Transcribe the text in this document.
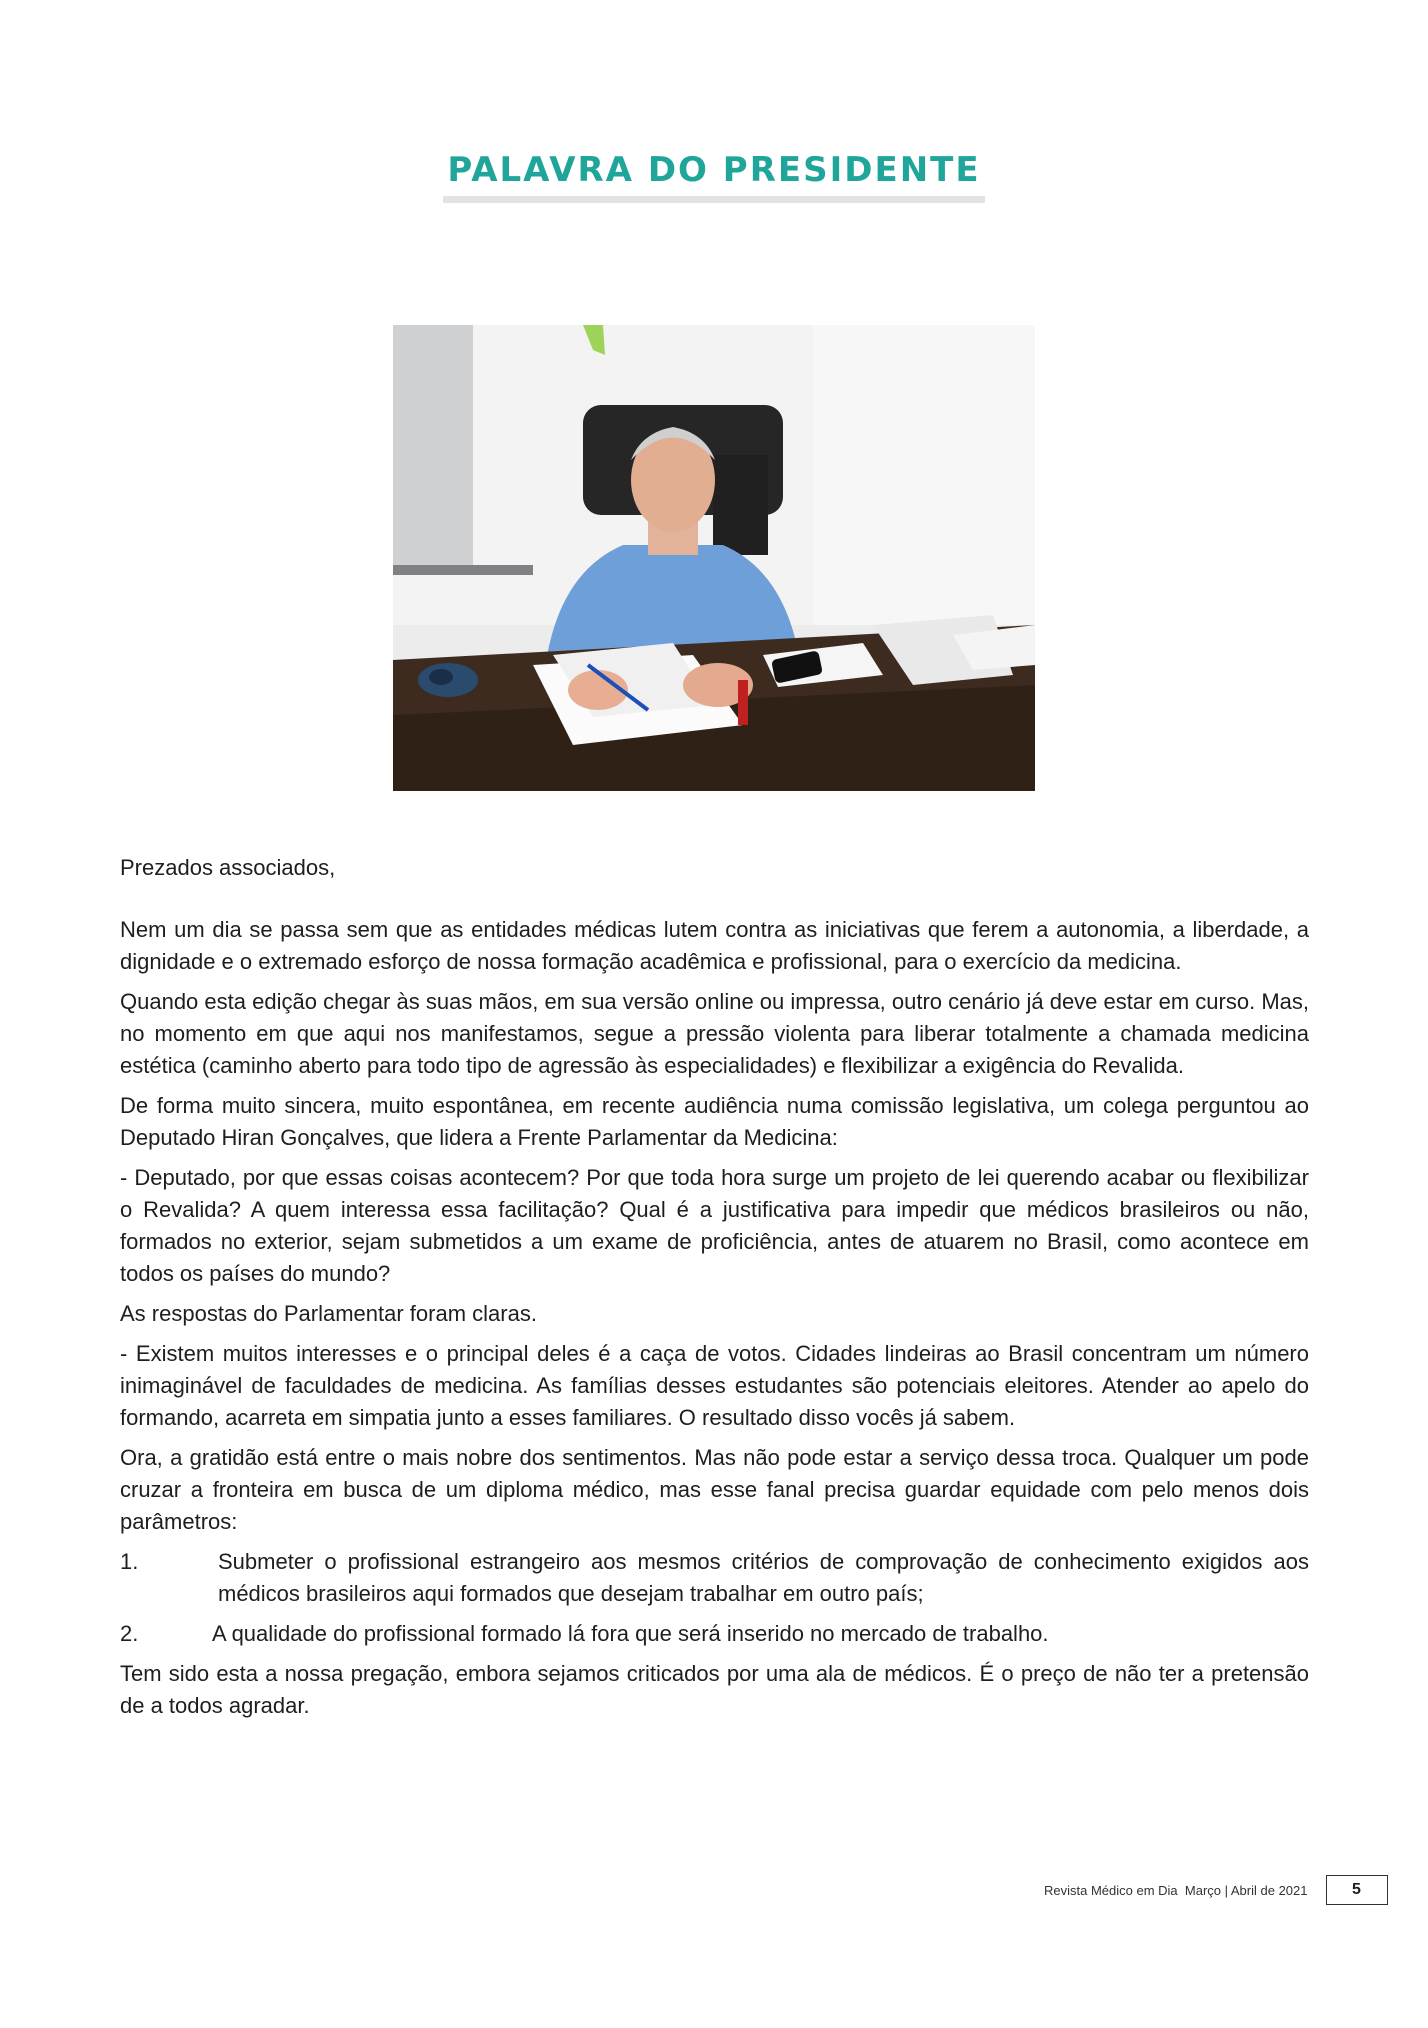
PALAVRA DO PRESIDENTE

Prezados associados,

Nem um dia se passa sem que as entidades médicas lutem contra as iniciativas que ferem a autonomia, a liberdade, a dignidade e o extremado esforço de nossa formação acadêmica e profissional, para o exercício da medicina.

Quando esta edição chegar às suas mãos, em sua versão online ou impressa, outro cenário já deve estar em curso. Mas, no momento em que aqui nos manifestamos, segue a pressão violenta para liberar totalmente a chamada medicina estética (caminho aberto para todo tipo de agressão às especialidades) e flexibilizar a exigência do Revalida.

De forma muito sincera, muito espontânea, em recente audiência numa comissão legislativa, um colega perguntou ao Deputado Hiran Gonçalves, que lidera a Frente Parlamentar da Medicina:

- Deputado, por que essas coisas acontecem? Por que toda hora surge um projeto de lei querendo acabar ou flexibilizar o Revalida? A quem interessa essa facilitação? Qual é a justificativa para impedir que médicos brasileiros ou não, formados no exterior, sejam submetidos a um exame de proficiência, antes de atuarem no Brasil, como acontece em todos os países do mundo?

As respostas do Parlamentar foram claras.

- Existem muitos interesses e o principal deles é a caça de votos. Cidades lindeiras ao Brasil concentram um número inimaginável de faculdades de medicina. As famílias desses estudantes são potenciais eleitores. Atender ao apelo do formando, acarreta em simpatia junto a esses familiares. O resultado disso vocês já sabem.

Ora, a gratidão está entre o mais nobre dos sentimentos. Mas não pode estar a serviço dessa troca. Qualquer um pode cruzar a fronteira em busca de um diploma médico, mas esse fanal precisa guardar equidade com pelo menos dois parâmetros:

1.	Submeter o profissional estrangeiro aos mesmos critérios de comprovação de conhecimento exigidos aos médicos brasileiros aqui formados que desejam trabalhar em outro país;

2.	A qualidade do profissional formado lá fora que será inserido no mercado de trabalho.

Tem sido esta a nossa pregação, embora sejamos criticados por uma ala de médicos. É o preço de não ter a pretensão de a todos agradar.

Revista Médico em Dia  Março | Abril de 2021	5
